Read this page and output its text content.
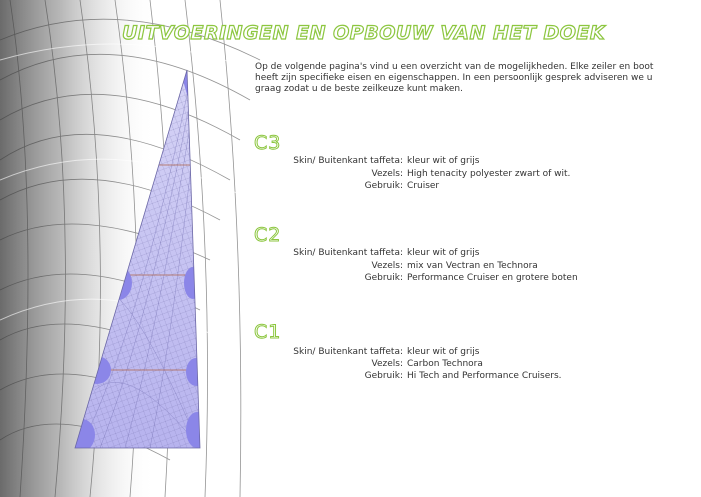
UITVOERINGEN EN OPBOUW VAN HET DOEK
Op de volgende pagina's vind u een overzicht van de mogelijkheden. Elke zeiler en boot heeft zijn specifieke eisen en eigenschappen. In een persoonlijk gesprek adviseren we u graag zodat u de beste zeilkeuze kunt maken.
C3
Skin/ Buitenkant taffeta: kleur wit of grijs
Vezels: High tenacity polyester zwart of wit.
Gebruik: Cruiser
C2
Skin/ Buitenkant taffeta: kleur wit of grijs
Vezels: mix van Vectran en Technora
Gebruik: Performance Cruiser en grotere boten
C1
Skin/ Buitenkant taffeta: kleur wit of grijs
Vezels: Carbon Technora
Gebruik: Hi Tech and Performance Cruisers.
